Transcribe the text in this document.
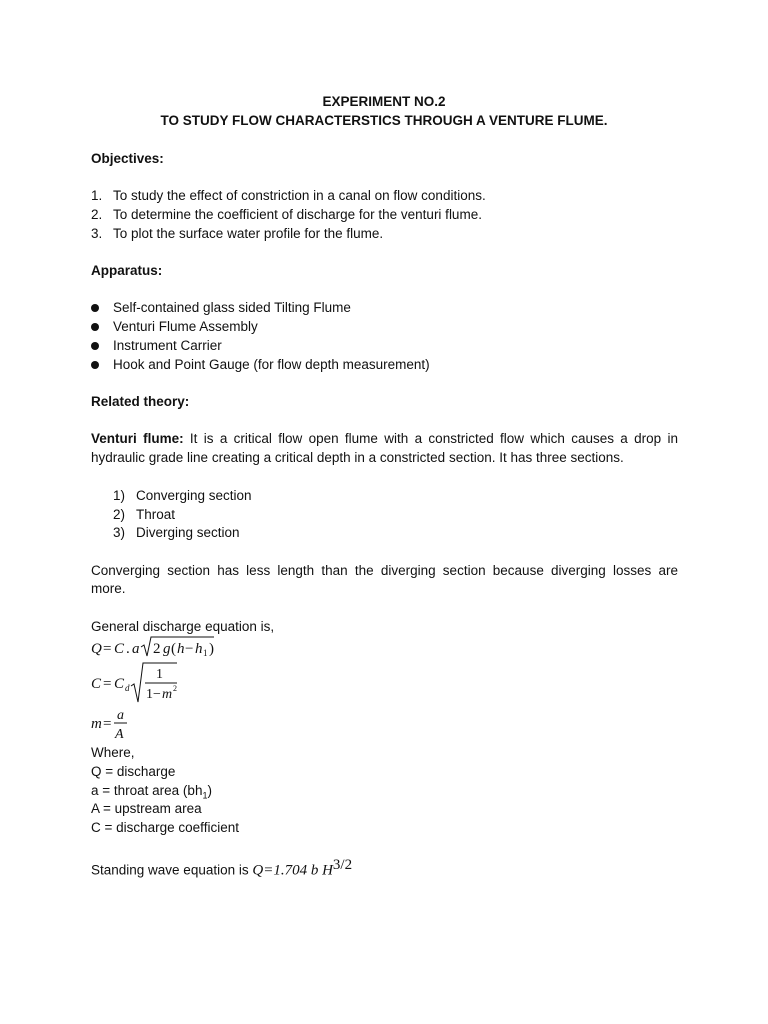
EXPERIMENT NO.2
TO STUDY FLOW CHARACTERSTICS THROUGH A VENTURE FLUME.
Objectives:
1. To study the effect of constriction in a canal on flow conditions.
2. To determine the coefficient of discharge for the venturi flume.
3. To plot the surface water profile for the flume.
Apparatus:
Self-contained glass sided Tilting Flume
Venturi Flume Assembly
Instrument Carrier
Hook and Point Gauge (for flow depth measurement)
Related theory:
Venturi flume: It is a critical flow open flume with a constricted flow which causes a drop in
hydraulic grade line creating a critical depth in a constricted section. It has three sections.
1) Converging section
2) Throat
3) Diverging section
Converging section has less length than the diverging section because diverging losses are
more.
General discharge equation is,
Q = C . a 2 g ( h − h 1 )
C = C d
1
1− m 2
m =
a
A
Where,
Q = discharge
a = throat area $(bh_1)$
A = upstream area
C = discharge coefficient
Standing wave equation is Q=1.704 b $H^{3/2}$
